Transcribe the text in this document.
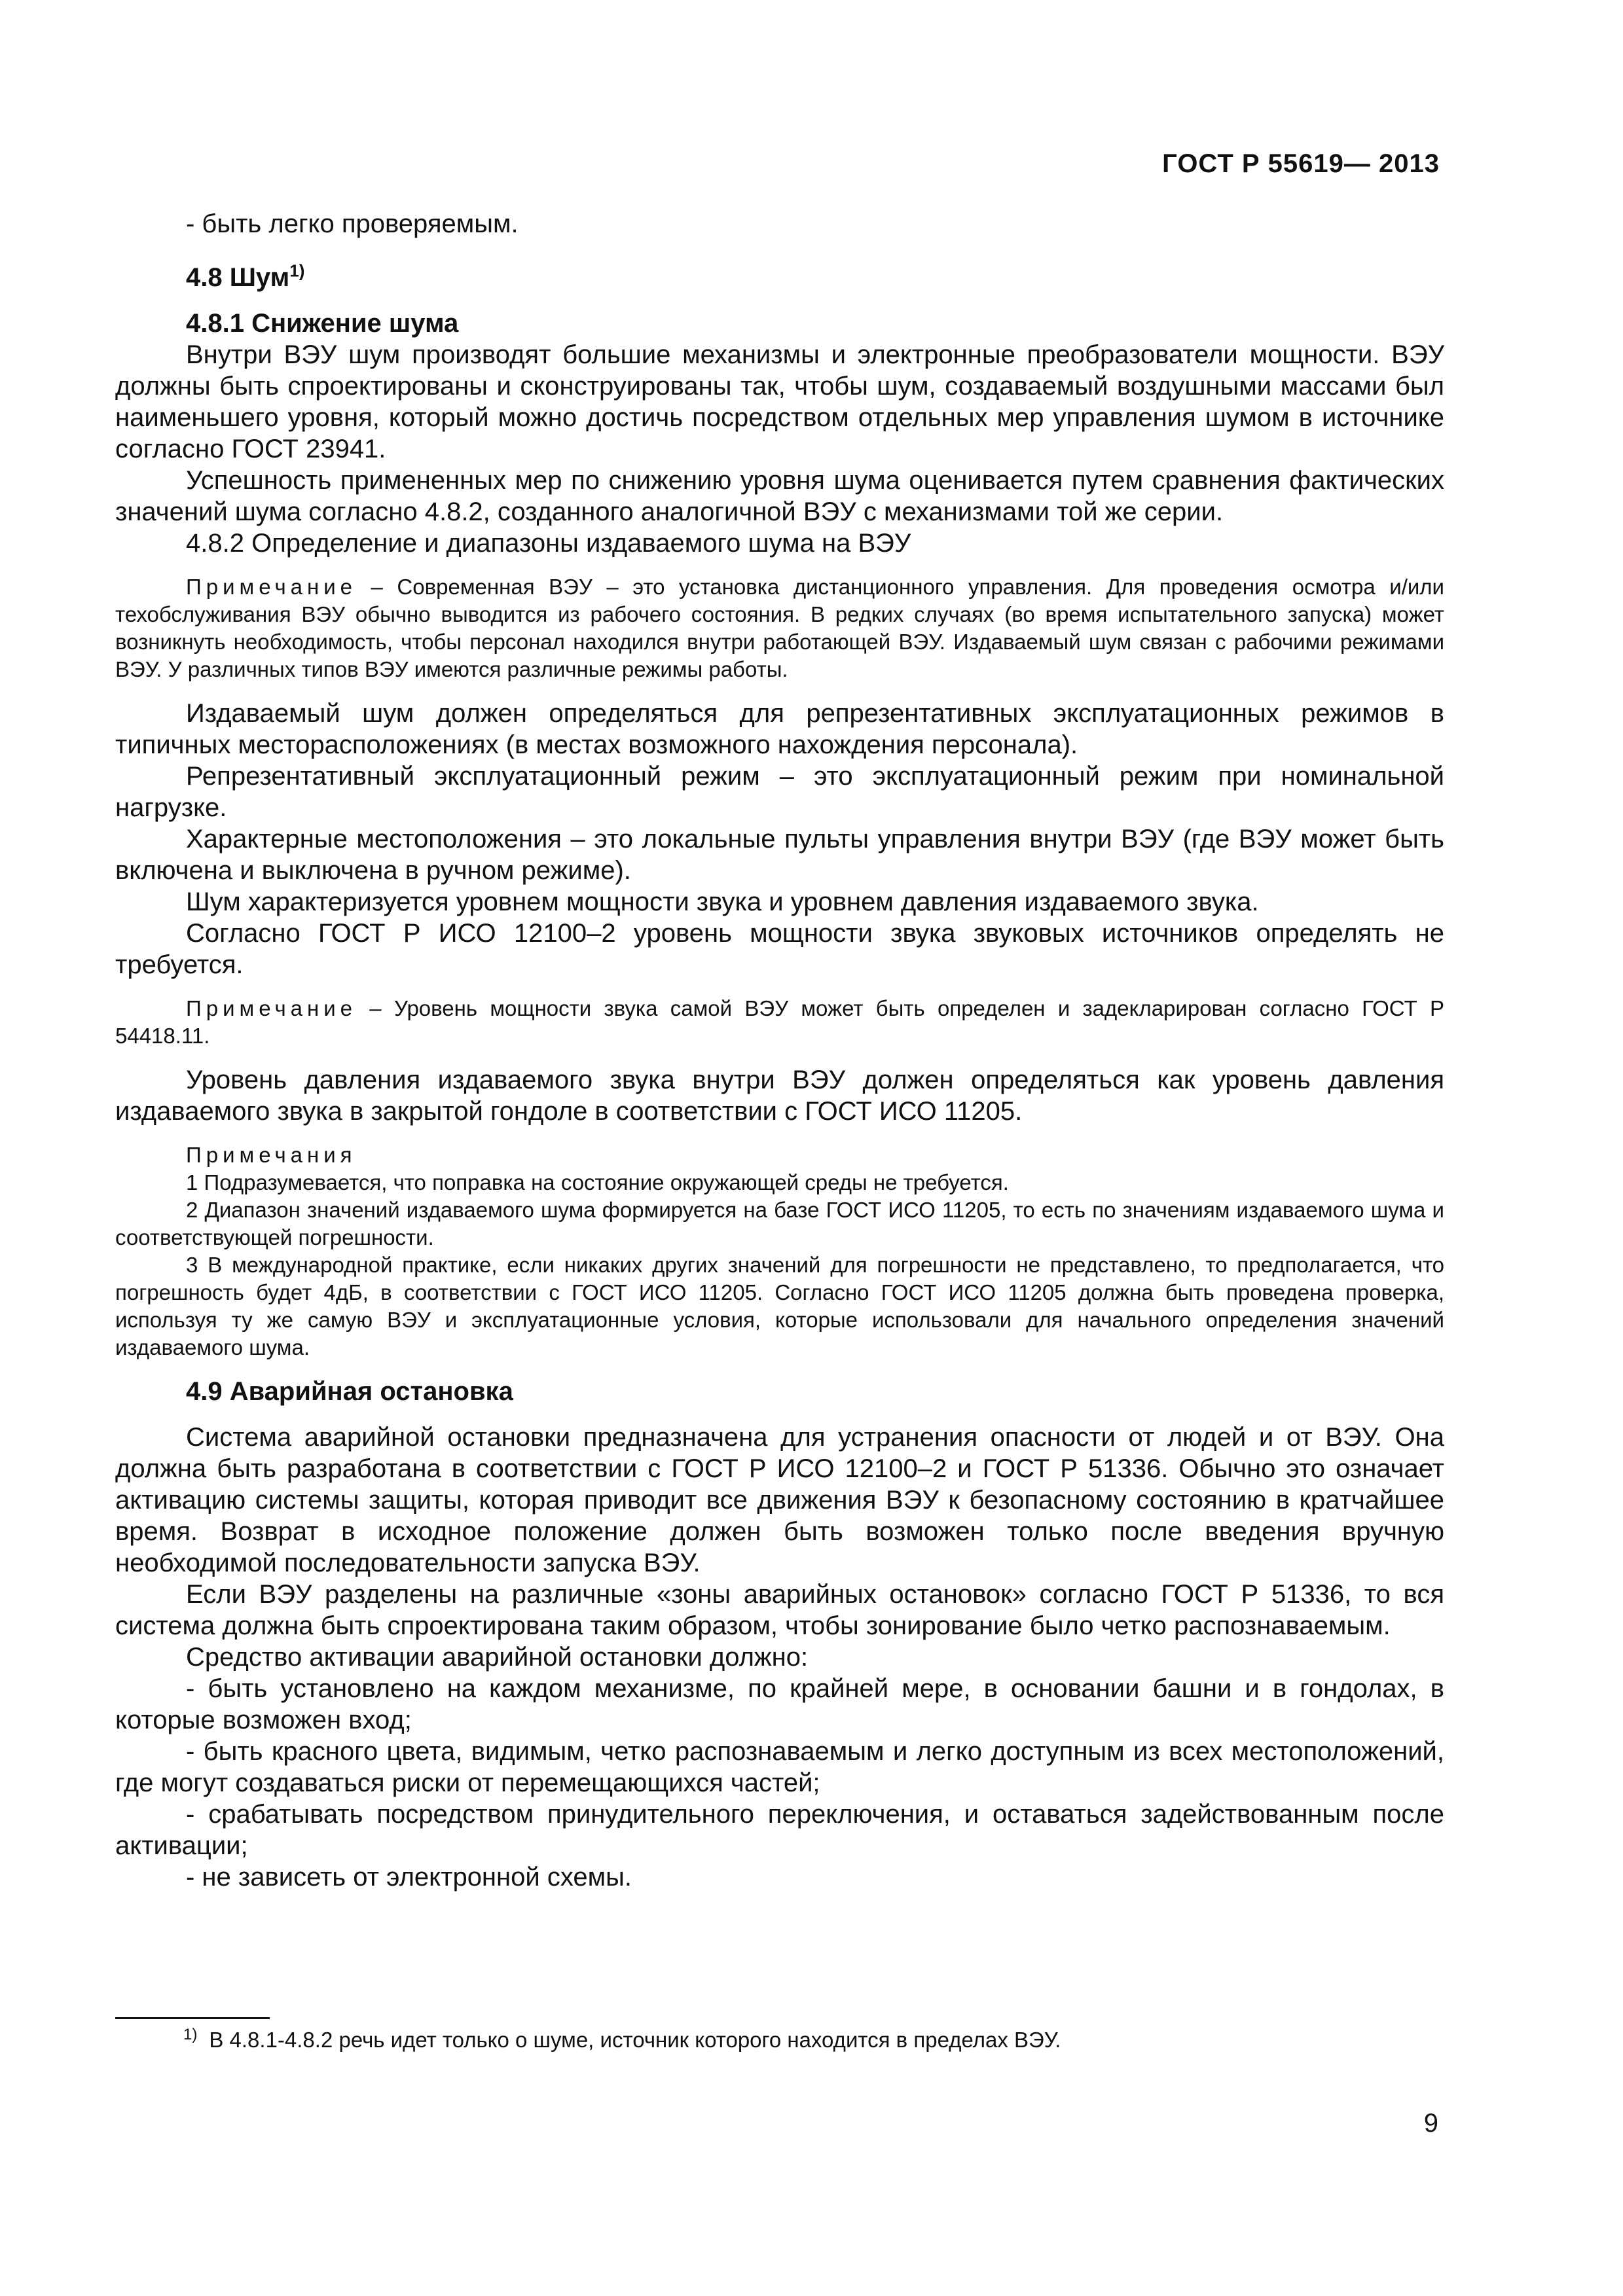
ГОСТ Р 55619— 2013

- быть легко проверяемым.

4.8 Шум$^{1)}$

4.8.1 Снижение шума

Внутри ВЭУ шум производят большие механизмы и электронные преобразователи мощности. ВЭУ должны быть спроектированы и сконструированы так, чтобы шум, создаваемый воздушными массами был наименьшего уровня, который можно достичь посредством отдельных мер управления шумом в источнике согласно ГОСТ 23941.

Успешность примененных мер по снижению уровня шума оценивается путем сравнения фактических значений шума согласно 4.8.2, созданного аналогичной ВЭУ с механизмами той же серии.

4.8.2 Определение и диапазоны издаваемого шума на ВЭУ

Примечание – Современная ВЭУ – это установка дистанционного управления. Для проведения осмотра и/или техобслуживания ВЭУ обычно выводится из рабочего состояния. В редких случаях (во время испытательного запуска) может возникнуть необходимость, чтобы персонал находился внутри работающей ВЭУ. Издаваемый шум связан с рабочими режимами ВЭУ. У различных типов ВЭУ имеются различные режимы работы.

Издаваемый шум должен определяться для репрезентативных эксплуатационных режимов в типичных месторасположениях (в местах возможного нахождения персонала).

Репрезентативный эксплуатационный режим – это эксплуатационный режим при номинальной нагрузке.

Характерные местоположения – это локальные пульты управления внутри ВЭУ (где ВЭУ может быть включена и выключена в ручном режиме).

Шум характеризуется уровнем мощности звука и уровнем давления издаваемого звука.

Согласно ГОСТ Р ИСО 12100–2 уровень мощности звука звуковых источников определять не требуется.

Примечание – Уровень мощности звука самой ВЭУ может быть определен и задекларирован согласно ГОСТ Р 54418.11.

Уровень давления издаваемого звука внутри ВЭУ должен определяться как уровень давления издаваемого звука в закрытой гондоле в соответствии с ГОСТ ИСО 11205.

Примечания

1 Подразумевается, что поправка на состояние окружающей среды не требуется.

2 Диапазон значений издаваемого шума формируется на базе ГОСТ ИСО 11205, то есть по значениям издаваемого шума и соответствующей погрешности.

3 В международной практике, если никаких других значений для погрешности не представлено, то предполагается, что погрешность будет 4дБ, в соответствии с ГОСТ ИСО 11205. Согласно ГОСТ ИСО 11205 должна быть проведена проверка, используя ту же самую ВЭУ и эксплуатационные условия, которые использовали для начального определения значений издаваемого шума.

4.9 Аварийная остановка

Система аварийной остановки предназначена для устранения опасности от людей и от ВЭУ. Она должна быть разработана в соответствии с ГОСТ Р ИСО 12100–2 и ГОСТ Р 51336. Обычно это означает активацию системы защиты, которая приводит все движения ВЭУ к безопасному состоянию в кратчайшее время. Возврат в исходное положение должен быть возможен только после введения вручную необходимой последовательности запуска ВЭУ.

Если ВЭУ разделены на различные «зоны аварийных остановок» согласно ГОСТ Р 51336, то вся система должна быть спроектирована таким образом, чтобы зонирование было четко распознаваемым.

Средство активации аварийной остановки должно:

- быть установлено на каждом механизме, по крайней мере, в основании башни и в гондолах, в которые возможен вход;

- быть красного цвета, видимым, четко распознаваемым и легко доступным из всех местоположений, где могут создаваться риски от перемещающихся частей;

- срабатывать посредством принудительного переключения, и оставаться задействованным после активации;

- не зависеть от электронной схемы.

$^{1)}$ В 4.8.1-4.8.2 речь идет только о шуме, источник которого находится в пределах ВЭУ.

9
